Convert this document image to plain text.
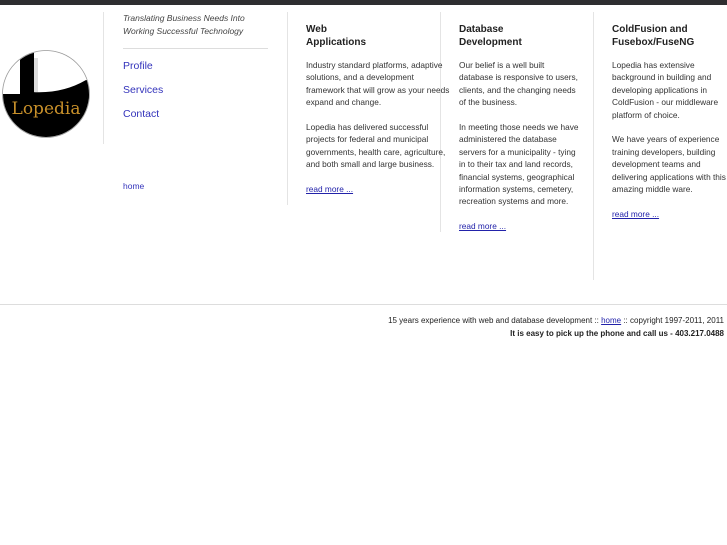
Lopedia
Translating Business Needs Into
Working Successful Technology
Profile
Services
Contact
home
Web
Applications

Industry standard platforms, adaptive solutions, and a development framework that will grow as your needs expand and change.

Lopedia has delivered successful projects for federal and municipal governments, health care, agriculture, and both small and large business.

read more ...
Database
Development

Our belief is a well built database is responsive to users, clients, and the changing needs of the business.

In meeting those needs we have administered the database servers for a municipality - tying in to their tax and land records, financial systems, geographical information systems, cemetery, recreation systems and more.

read more ...
ColdFusion and
Fusebox/FuseNG

Lopedia has extensive background in building and developing applications in ColdFusion - our middleware platform of choice.

We have years of experience training developers, building development teams and delivering applications with this amazing middle ware.

read more ...
15 years experience with web and database development :: home :: copyright 1997-2011, 2011
It is easy to pick up the phone and call us - 403.217.0488
